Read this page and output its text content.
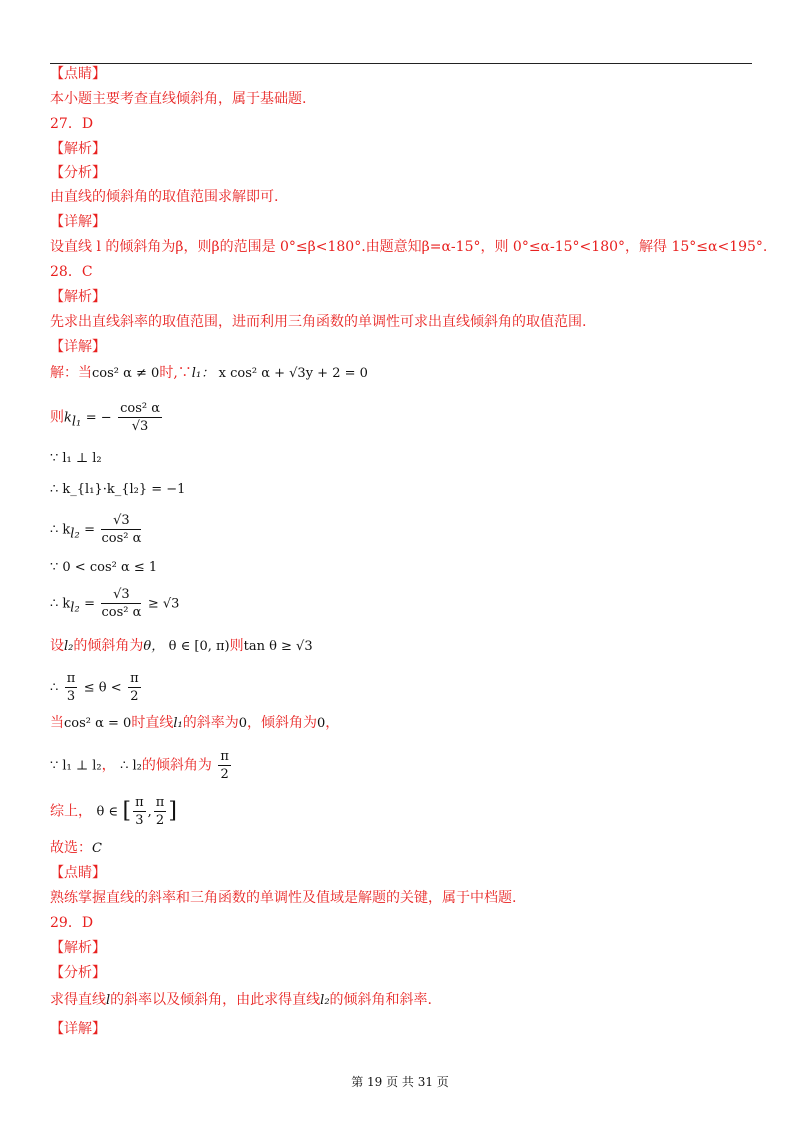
【点睛】
本小题主要考查直线倾斜角，属于基础题.
27．D
【解析】
【分析】
由直线的倾斜角的取值范围求解即可.
【详解】
设直线 l 的倾斜角为β，则β的范围是 0°≤β<180°.由题意知β=α-15°，则 0°≤α-15°<180°，解得 15°≤α<195°.
28．C
【解析】
先求出直线斜率的取值范围，进而利用三角函数的单调性可求出直线倾斜角的取值范围.
【详解】
解：当cos² α ≠ 0时,∵l₁： x cos² α + √3y + 2 = 0
则$k_{l_1}$ = − $\frac{\text{cos² α}}{√3}$
∵ l₁ ⊥ l₂
∴ k_{l₁}·k_{l₂} = −1
∴ $k_{l_2} = \frac{√3}{\text{cos² α}}$
∵ 0 < cos² α ≤ 1
∴ $k_{l_2} = \frac{√3}{\text{cos² α}} \ge √3$
设l₂的倾斜角为θ， θ ∈ [0, π)则tan θ ≥ √3
∴ $\frac{\pi}{3} \le \theta < \frac{\pi}{2}$
当cos² α = 0时直线l₁的斜率为0，倾斜角为0，
∵ l₁ ⊥ l₂， ∴ l₂的倾斜角为 $\frac{\pi}{2}$
综上， θ ∈ [ $\frac{\pi}{3}$ , $\frac{\pi}{2}$ ]
故选：C
【点睛】
熟练掌握直线的斜率和三角函数的单调性及值域是解题的关键，属于中档题.
29．D
【解析】
【分析】
求得直线l的斜率以及倾斜角，由此求得直线l₂的倾斜角和斜率.
【详解】
第 19 页 共 31 页
